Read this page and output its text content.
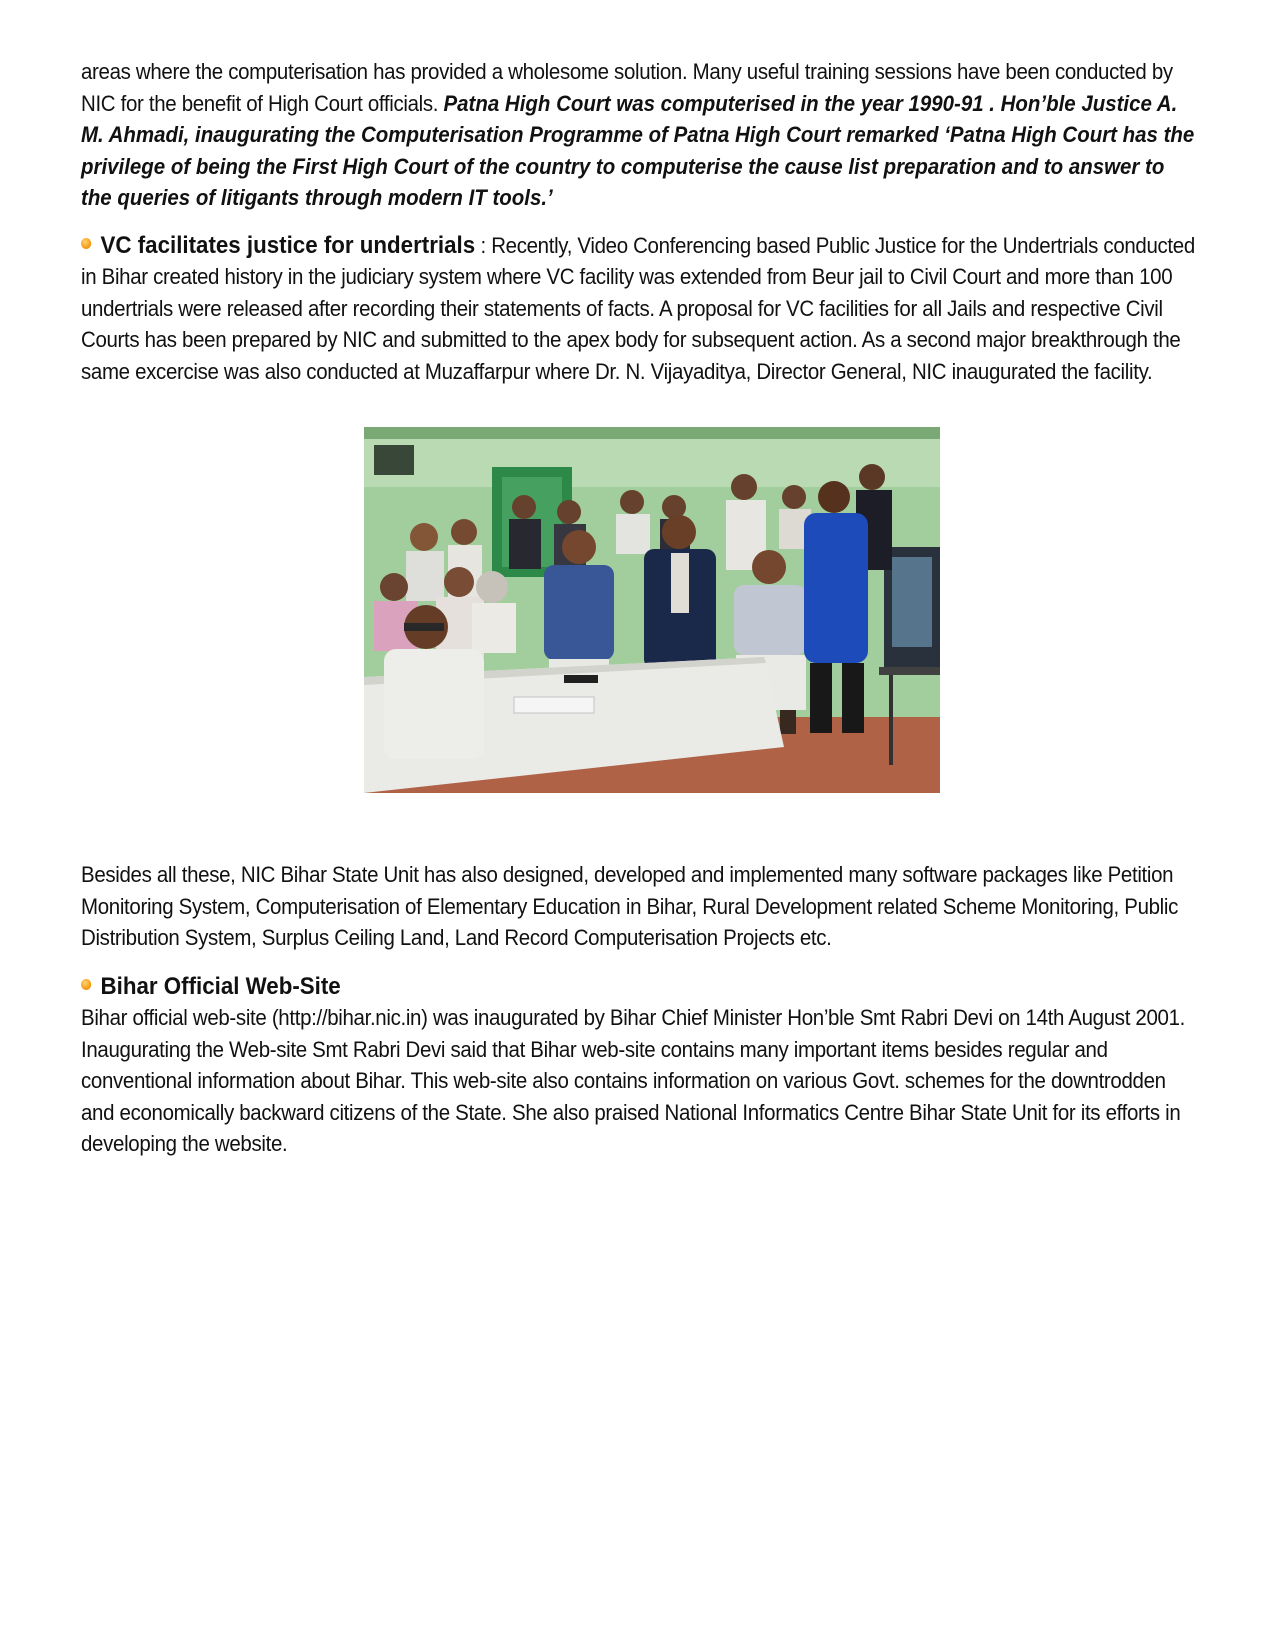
areas where the computerisation has provided a wholesome solution. Many useful training sessions have been conducted by NIC for the benefit of High Court officials. Patna High Court was computerised in the year 1990-91 . Hon’ble Justice A. M. Ahmadi, inaugurating the Computerisation Programme of Patna High Court remarked ‘Patna High Court has the privilege of being the First High Court of the country to computerise the cause list preparation and to answer to the queries of litigants through modern IT tools.’

VC facilitates justice for undertrials : Recently, Video Conferencing based Public Justice for the Undertrials conducted in Bihar created history in the judiciary system where VC facility was extended from Beur jail to Civil Court and more than 100 undertrials were released after recording their statements of facts. A proposal for VC facilities for all Jails and respective Civil Courts has been prepared by NIC and submitted to the apex body for subsequent action. As a second major breakthrough the same excercise was also conducted at Muzaffarpur where Dr. N. Vijayaditya, Director General, NIC inaugurated the facility.

Besides all these, NIC Bihar State Unit has also designed, developed and implemented many software packages like Petition Monitoring System, Computerisation of Elementary Education in Bihar, Rural Development related Scheme Monitoring, Public Distribution System, Surplus Ceiling Land, Land Record Computerisation Projects etc.

Bihar Official Web-Site

Bihar official web-site (http://bihar.nic.in) was inaugurated by Bihar Chief Minister Hon’ble Smt Rabri Devi on 14th August 2001. Inaugurating the Web-site Smt Rabri Devi said that Bihar web-site contains many important items besides regular and conventional information about Bihar. This web-site also contains information on various Govt. schemes for the downtrodden and economically backward citizens of the State. She also praised National Informatics Centre Bihar State Unit for its efforts in developing the website.
